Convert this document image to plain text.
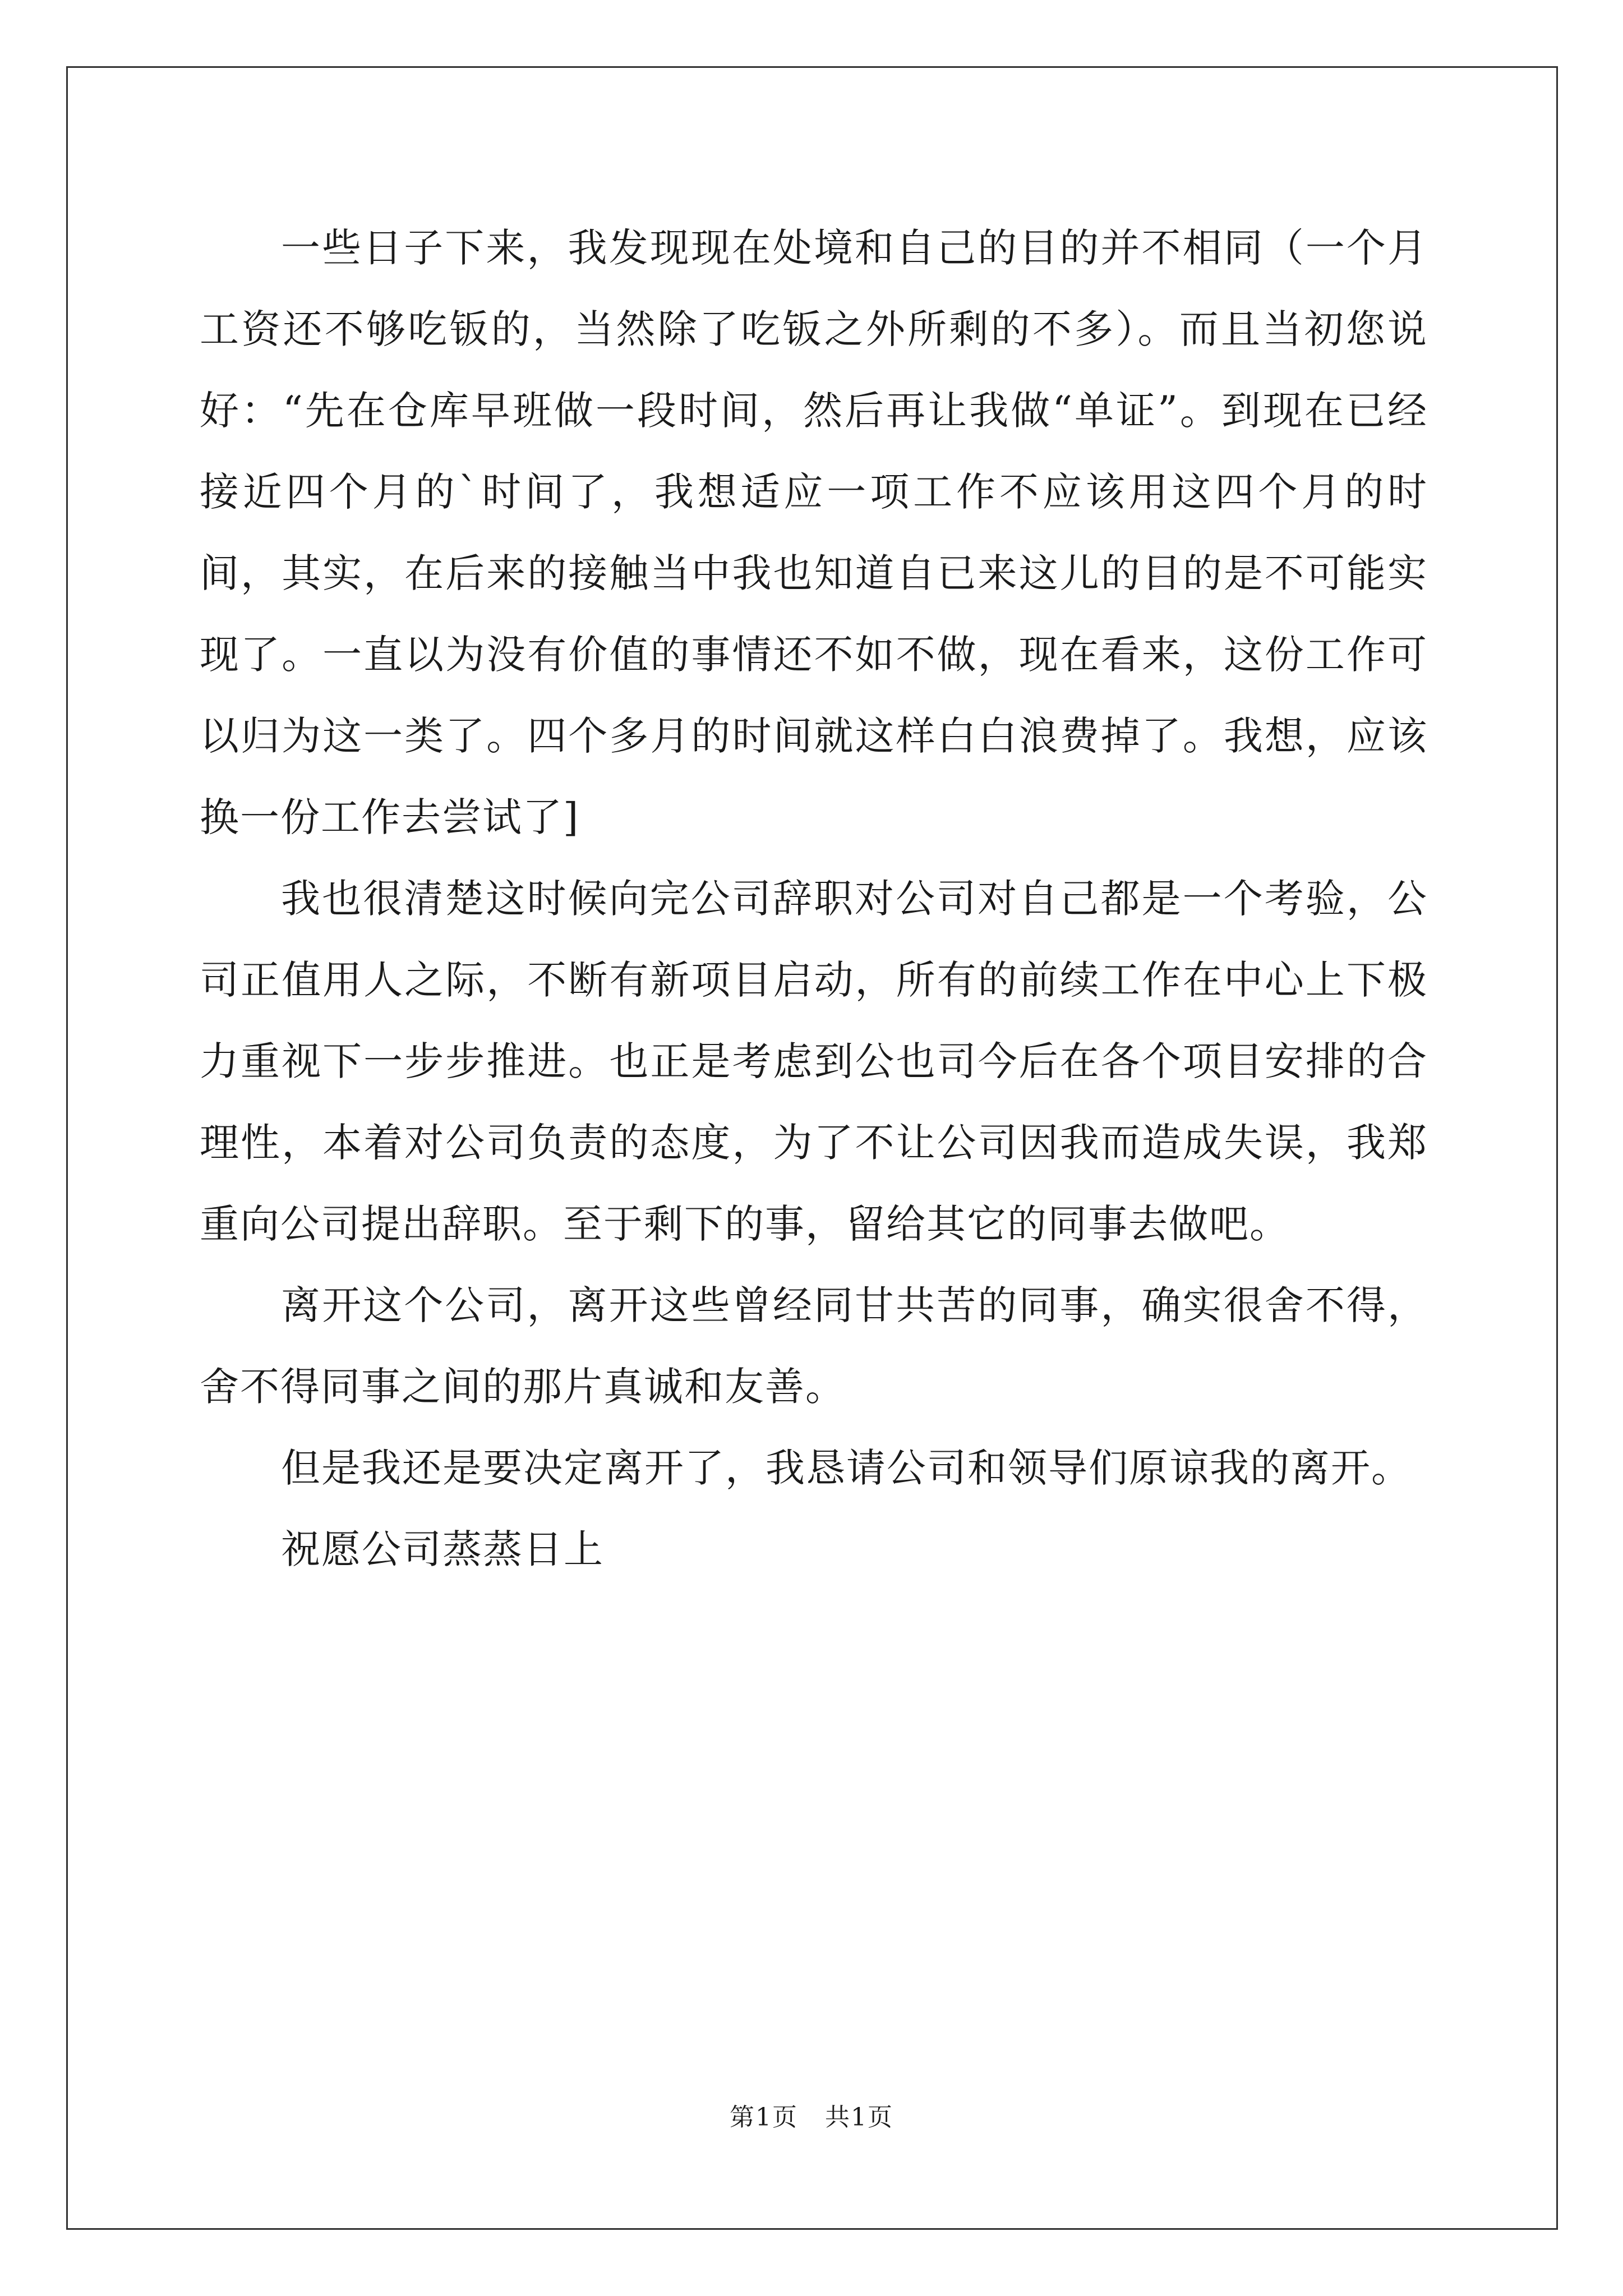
一些日子下来，我发现现在处境和自己的目的并不相同（一个月工资还不够吃钣的，当然除了吃钣之外所剩的不多）。而且当初您说好：“先在仓库早班做一段时间，然后再让我做“单证”。到现在已经接近四个月的`时间了，我想适应一项工作不应该用这四个月的时间，其实，在后来的接触当中我也知道自已来这儿的目的是不可能实现了。一直以为没有价值的事情还不如不做，现在看来，这份工作可以归为这一类了。四个多月的时间就这样白白浪费掉了。我想，应该换一份工作去尝试了]

我也很清楚这时候向完公司辞职对公司对自己都是一个考验，公司正值用人之际，不断有新项目启动，所有的前续工作在中心上下极力重视下一步步推进。也正是考虑到公也司今后在各个项目安排的合理性，本着对公司负责的态度，为了不让公司因我而造成失误，我郑重向公司提出辞职。至于剩下的事，留给其它的同事去做吧。

离开这个公司，离开这些曾经同甘共苦的同事，确实很舍不得，舍不得同事之间的那片真诚和友善。

但是我还是要决定离开了，我恳请公司和领导们原谅我的离开。

祝愿公司蒸蒸日上

第1页 共1页
